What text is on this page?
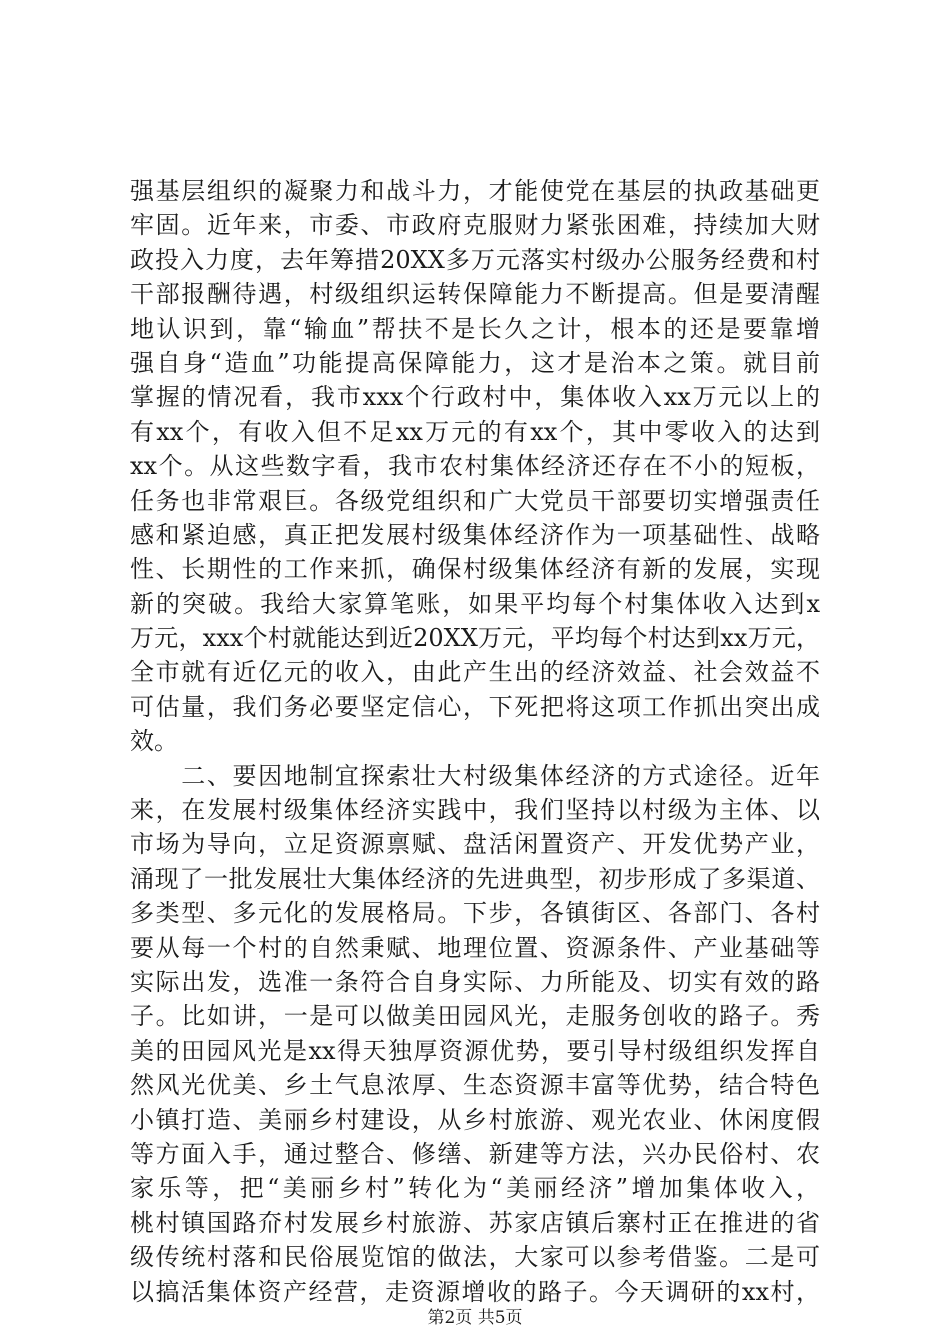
强基层组织的凝聚力和战斗力，才能使党在基层的执政基础更
牢固。近年来，市委、市政府克服财力紧张困难，持续加大财
政投入力度，去年筹措20XX多万元落实村级办公服务经费和村
干部报酬待遇，村级组织运转保障能力不断提高。但是要清醒
地认识到，靠“输血”帮扶不是长久之计，根本的还是要靠增
强自身“造血”功能提高保障能力，这才是治本之策。就目前
掌握的情况看，我市xxx个行政村中，集体收入xx万元以上的
有xx个，有收入但不足xx万元的有xx个，其中零收入的达到
xx个。从这些数字看，我市农村集体经济还存在不小的短板，
任务也非常艰巨。各级党组织和广大党员干部要切实增强责任
感和紧迫感，真正把发展村级集体经济作为一项基础性、战略
性、长期性的工作来抓，确保村级集体经济有新的发展，实现
新的突破。我给大家算笔账，如果平均每个村集体收入达到x
万元，xxx个村就能达到近20XX万元，平均每个村达到xx万元，
全市就有近亿元的收入，由此产生出的经济效益、社会效益不
可估量，我们务必要坚定信心，下死把将这项工作抓出突出成
效。
　　二、要因地制宜探索壮大村级集体经济的方式途径。近年
来，在发展村级集体经济实践中，我们坚持以村级为主体、以
市场为导向，立足资源禀赋、盘活闲置资产、开发优势产业，
涌现了一批发展壮大集体经济的先进典型，初步形成了多渠道、
多类型、多元化的发展格局。下步，各镇街区、各部门、各村
要从每一个村的自然秉赋、地理位置、资源条件、产业基础等
实际出发，选准一条符合自身实际、力所能及、切实有效的路
子。比如讲，一是可以做美田园风光，走服务创收的路子。秀
美的田园风光是xx得天独厚资源优势，要引导村级组织发挥自
然风光优美、乡土气息浓厚、生态资源丰富等优势，结合特色
小镇打造、美丽乡村建设，从乡村旅游、观光农业、休闲度假
等方面入手，通过整合、修缮、新建等方法，兴办民俗村、农
家乐等，把“美丽乡村”转化为“美丽经济”增加集体收入，
桃村镇国路夼村发展乡村旅游、苏家店镇后寨村正在推进的省
级传统村落和民俗展览馆的做法，大家可以参考借鉴。二是可
以搞活集体资产经营，走资源增收的路子。今天调研的xx村，
第2页 共5页
